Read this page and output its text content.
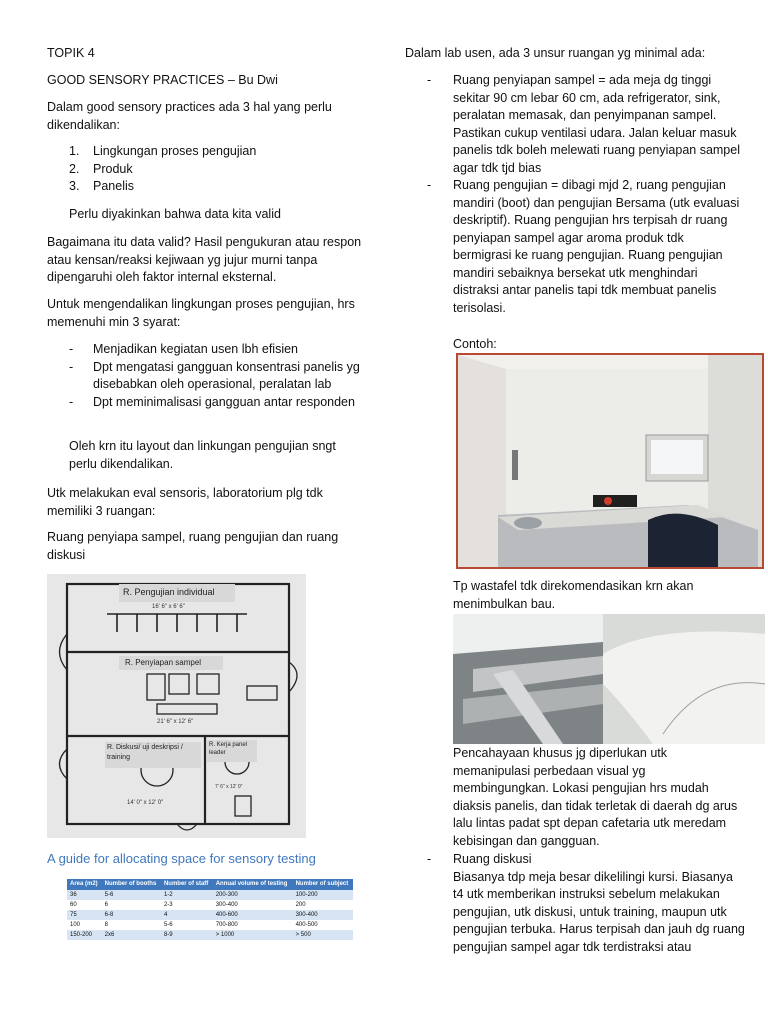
TOPIK 4
GOOD SENSORY PRACTICES – Bu Dwi
Dalam good sensory practices ada 3 hal yang perlu dikendalikan:
1. Lingkungan proses pengujian
2. Produk
3. Panelis
Perlu diyakinkan bahwa data kita valid
Bagaimana itu data valid? Hasil pengukuran atau respon atau kensan/reaksi kejiwaan yg jujur murni tanpa dipengaruhi oleh faktor internal eksternal.
Untuk mengendalikan lingkungan proses pengujian, hrs memenuhi min 3 syarat:
- Menjadikan kegiatan usen lbh efisien
- Dpt mengatasi gangguan konsentrasi panelis yg disebabkan oleh operasional, peralatan lab
- Dpt meminimalisasi gangguan antar responden
Oleh krn itu layout dan linkungan pengujian sngt perlu dikendalikan.
Utk melakukan eval sensoris, laboratorium plg tdk memiliki 3 ruangan:
Ruang penyiapa sampel, ruang pengujian dan ruang diskusi
R. Pengujian individual
16' 6" x 6' 6"
R. Penyiapan sampel
21' 6" x 12' 6"
R. Diskusi/ uji deskripsi / training
R. Kerja panel leader
7' 6" x 12' 0"
14' 0" x 12' 0"
A guide for allocating space for sensory testing
Area (m2)	Number of booths	Number of staff	Annual volume of testing	Number of subject
36	5-6	1-2	200-300	100-200
60	6	2-3	300-400	200
75	6-8	4	400-600	300-400
100	8	5-6	700-800	400-500
150-200	2x6	8-9	> 1000	> 500
Dalam lab usen, ada 3 unsur ruangan yg minimal ada:
- Ruang penyiapan sampel = ada meja dg tinggi sekitar 90 cm lebar 60 cm, ada refrigerator, sink, peralatan memasak, dan penyimpanan sampel. Pastikan cukup ventilasi udara. Jalan keluar masuk panelis tdk boleh melewati ruang penyiapan sampel agar tdk tjd bias
- Ruang pengujian = dibagi mjd 2, ruang pengujian mandiri (boot) dan pengujian Bersama (utk evaluasi deskriptif). Ruang pengujian hrs terpisah dr ruang penyiapan sampel agar aroma produk tdk bermigrasi ke ruang pengujian. Ruang pengujian mandiri sebaiknya bersekat utk menghindari distraksi antar panelis tapi tdk membuat panelis terisolasi.
Contoh:
Tp wastafel tdk direkomendasikan krn akan menimbulkan bau.
Pencahayaan khusus jg diperlukan utk memanipulasi perbedaan visual yg membingungkan. Lokasi pengujian hrs mudah diaksis panelis, dan tidak terletak di daerah dg arus lalu lintas padat spt depan cafetaria utk meredam kebisingan dan gangguan.
- Ruang diskusi
Biasanya tdp meja besar dikelilingi kursi. Biasanya t4 utk memberikan instruksi sebelum melakukan pengujian, utk diskusi, untuk training, maupun utk pengujian terbuka. Harus terpisah dan jauh dg ruang pengujian sampel agar tdk terdistraksi atau
